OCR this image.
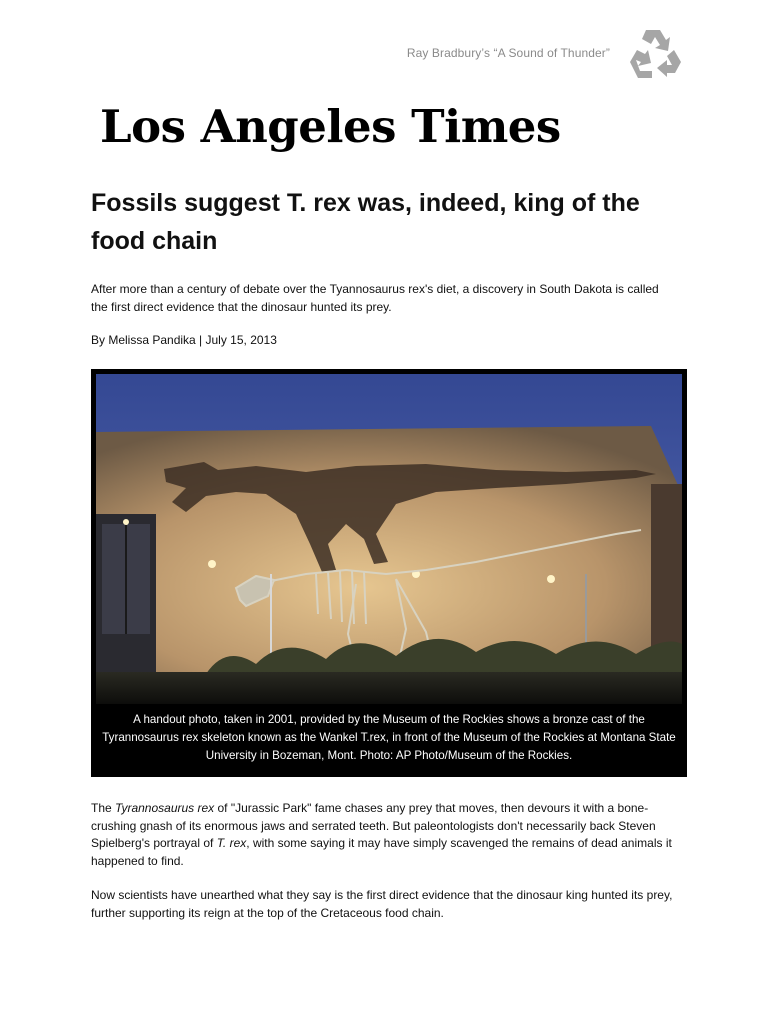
Ray Bradbury’s “A Sound of Thunder”
Los Angeles Times
Fossils suggest T. rex was, indeed, king of the food chain
After more than a century of debate over the Tyannosaurus rex's diet, a discovery in South Dakota is called the first direct evidence that the dinosaur hunted its prey.
By Melissa Pandika | July 15, 2013
A handout photo, taken in 2001, provided by the Museum of the Rockies shows a bronze cast of the Tyrannosaurus rex skeleton known as the Wankel T.rex, in front of the Museum of the Rockies at Montana State University in Bozeman, Mont. Photo: AP Photo/Museum of the Rockies.

The Tyrannosaurus rex of "Jurassic Park" fame chases any prey that moves, then devours it with a bone-crushing gnash of its enormous jaws and serrated teeth. But paleontologists don't necessarily back Steven Spielberg's portrayal of T. rex, with some saying it may have simply scavenged the remains of dead animals it happened to find.

Now scientists have unearthed what they say is the first direct evidence that the dinosaur king hunted its prey, further supporting its reign at the top of the Cretaceous food chain.
